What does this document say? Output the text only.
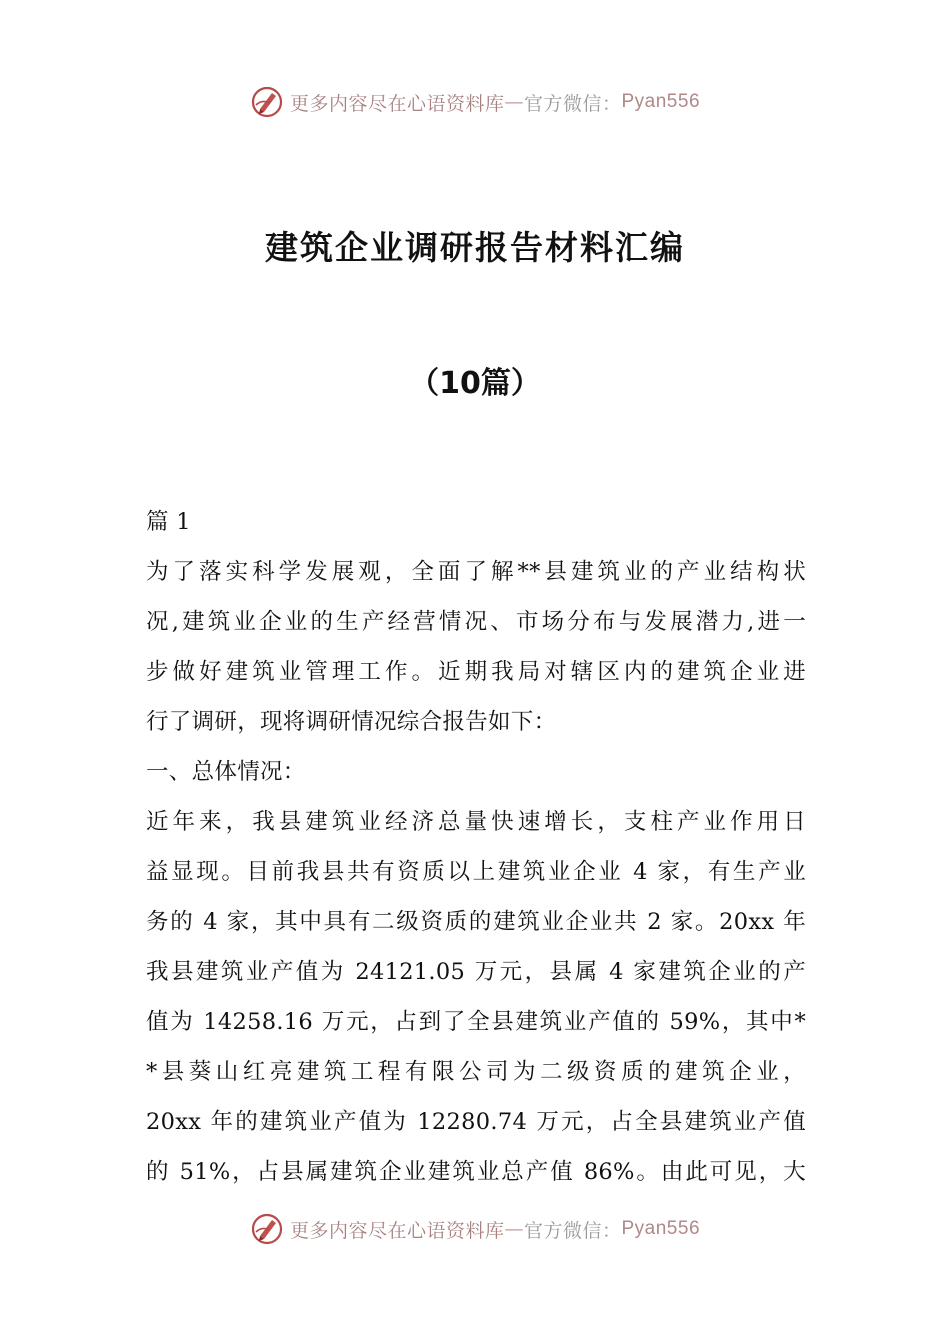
更多内容尽在心语资料库 — 官方微信： Pyan556
建筑企业调研报告材料汇编
（10篇）
篇 1
为了落实科学发展观，全面了解**县建筑业的产业结构状
况,建筑业企业的生产经营情况、市场分布与发展潜力,进一
步做好建筑业管理工作。近期我局对辖区内的建筑企业进
行了调研，现将调研情况综合报告如下：
一、总体情况：
近年来，我县建筑业经济总量快速增长，支柱产业作用日
益显现。目前我县共有资质以上建筑业企业 4 家，有生产业
务的 4 家，其中具有二级资质的建筑业企业共 2 家。20xx 年
我县建筑业产值为 24121.05 万元，县属 4 家建筑企业的产
值为 14258.16 万元，占到了全县建筑业产值的 59%，其中*
*县葵山红亮建筑工程有限公司为二级资质的建筑企业，
20xx 年的建筑业产值为 12280.74 万元，占全县建筑业产值
的 51%，占县属建筑企业建筑业总产值 86%。由此可见，大
更多内容尽在心语资料库 — 官方微信： Pyan556
